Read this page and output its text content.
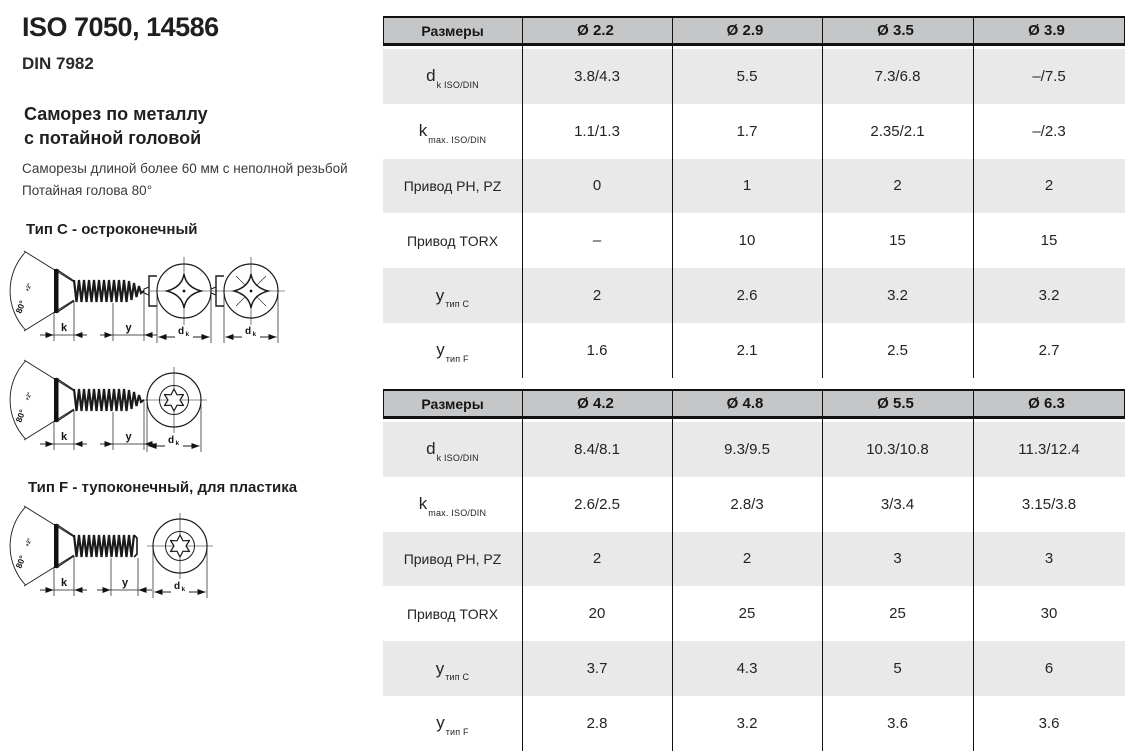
ISO 7050, 14586
DIN 7982
Саморез по металлу
с потайной головой
Саморезы длиной более 60 мм с неполной резьбой
Потайная голова 80°
Тип C - остроконечный
Тип F - тупоконечный, для пластика
80°
+2°
k	y	d k	d k
80°
+2°
k	y	d k
80°
+2°
k	y	d k
Размеры	Ø 2.2	Ø 2.9	Ø 3.5	Ø 3.9
d k ISO/DIN	3.8/4.3	5.5	7.3/6.8	–/7.5
k max. ISO/DIN	1.1/1.3	1.7	2.35/2.1	–/2.3
Привод PH, PZ	0	1	2	2
Привод TORX	–	10	15	15
y тип C	2	2.6	3.2	3.2
y тип F	1.6	2.1	2.5	2.7
Размеры	Ø 4.2	Ø 4.8	Ø 5.5	Ø 6.3
d k ISO/DIN	8.4/8.1	9.3/9.5	10.3/10.8	11.3/12.4
k max. ISO/DIN	2.6/2.5	2.8/3	3/3.4	3.15/3.8
Привод PH, PZ	2	2	3	3
Привод TORX	20	25	25	30
y тип C	3.7	4.3	5	6
y тип F	2.8	3.2	3.6	3.6
